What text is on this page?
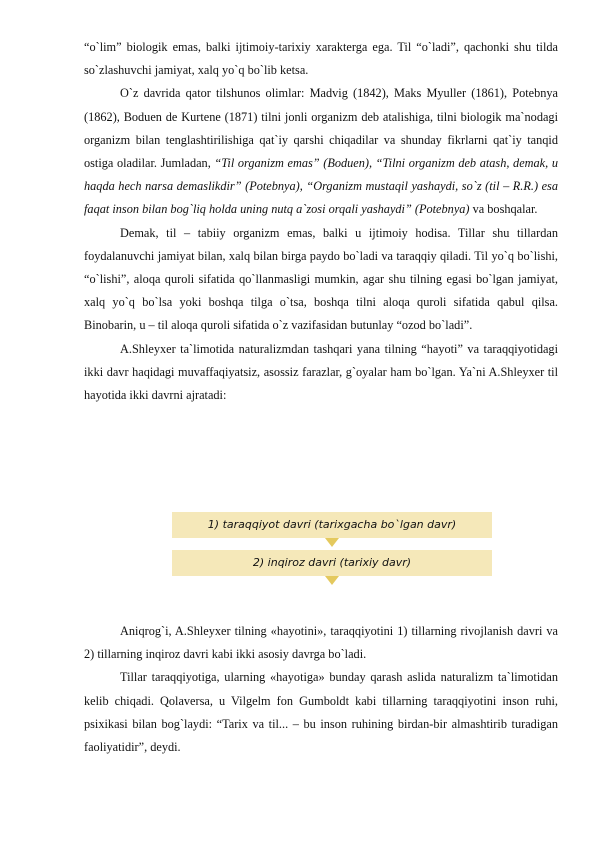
“o`lim” biologik emas, balki ijtimoiy-tarixiy xarakterga ega. Til “o`ladi”, qachonki shu tilda so`zlashuvchi jamiyat, xalq yo`q bo`lib ketsa.

O`z davrida qator tilshunos olimlar: Madvig (1842), Maks Myuller (1861), Potebnya (1862), Boduen de Kurtene (1871) tilni jonli organizm deb atalishiga, tilni biologik ma`nodagi organizm bilan tenglashtirilishiga qat`iy qarshi chiqadilar va shunday fikrlarni qat`iy tanqid ostiga oladilar. Jumladan, “Til organizm emas” (Boduen), “Tilni organizm deb atash, demak, u haqda hech narsa demaslikdir” (Potebnya), “Organizm mustaqil yashaydi, so`z (til – R.R.) esa faqat inson bilan bog`liq holda uning nutq a`zosi orqali yashaydi” (Potebnya) va boshqalar.

Demak, til – tabiiy organizm emas, balki u ijtimoiy hodisa. Tillar shu tillardan foydalanuvchi jamiyat bilan, xalq bilan birga paydo bo`ladi va taraqqiy qiladi. Til yo`q bo`lishi, “o`lishi”, aloqa quroli sifatida qo`llanmasligi mumkin, agar shu tilning egasi bo`lgan jamiyat, xalq yo`q bo`lsa yoki boshqa tilga o`tsa, boshqa tilni aloqa quroli sifatida qabul qilsa. Binobarin, u – til aloqa quroli sifatida o`z vazifasidan butunlay “ozod bo`ladi”.

A.Shleyxer ta`limotida naturalizmdan tashqari yana tilning “hayoti” va taraqqiyotidagi ikki davr haqidagi muvaffaqiyatsiz, asossiz farazlar, g`oyalar ham bo`lgan. Ya`ni A.Shleyxer til hayotida ikki davrni ajratadi:

1) taraqqiyot davri (tarixgacha bo`lgan davr)
2) inqiroz davri (tarixiy davr)

Aniqrog`i, A.Shleyxer tilning «hayotini», taraqqiyotini 1) tillarning rivojlanish davri va 2) tillarning inqiroz davri kabi ikki asosiy davrga bo`ladi.

Tillar taraqqiyotiga, ularning «hayotiga» bunday qarash aslida naturalizm ta`limotidan kelib chiqadi. Qolaversa, u Vilgelm fon Gumboldt kabi tillarning taraqqiyotini inson ruhi, psixikasi bilan bog`laydi: “Tarix va til... – bu inson ruhining birdan-bir almashtirib turadigan faoliyatidir”, deydi.
